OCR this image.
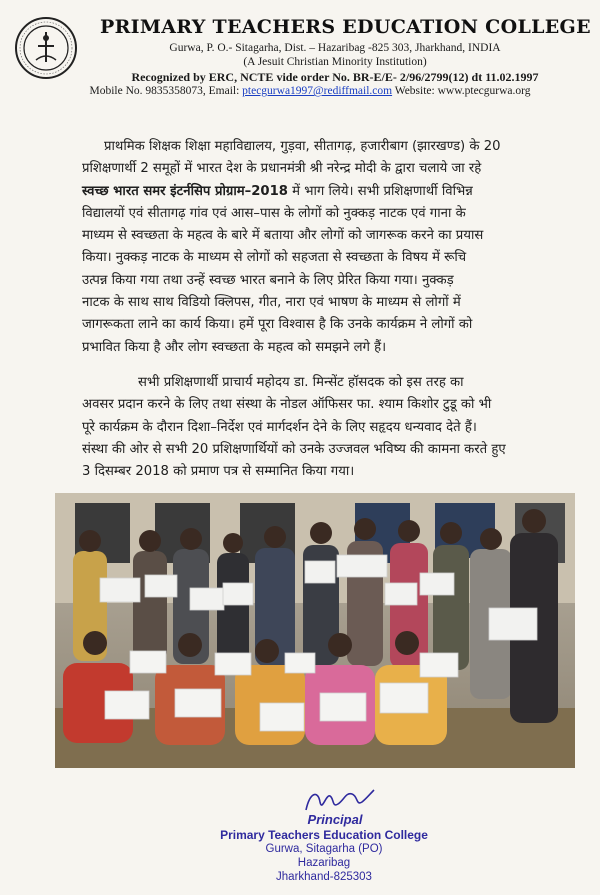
PRIMARY TEACHERS EDUCATION COLLEGE
Gurwa, P. O.- Sitagarha, Dist. – Hazaribag -825 303, Jharkhand, INDIA
(A Jesuit Christian Minority Institution)
Recognized by ERC, NCTE vide order No. BR-E/E- 2/96/2799(12) dt 11.02.1997
Mobile No. 9835358073, Email: ptecgurwa1997@rediffmail.com Website: www.ptecgurwa.org
प्राथमिक शिक्षक शिक्षा महाविद्यालय, गुड़वा, सीतागढ़, हजारीबाग (झारखण्ड) के 20
प्रशिक्षणार्थी 2 समूहों में भारत देश के प्रधानमंत्री श्री नरेन्द्र मोदी के द्वारा चलाये जा रहे
स्वच्छ भारत समर इंटर्नसिप प्रोग्राम–2018 में भाग लिये। सभी प्रशिक्षणार्थी विभिन्न
विद्यालयों एवं सीतागढ़ गांव एवं आस–पास के लोगों को नुक्कड़ नाटक एवं गाना के
माध्यम से स्वच्छता के महत्व के बारे में बताया और लोगों को जागरूक करने का प्रयास
किया। नुक्कड़ नाटक के माध्यम से लोगों को सहजता से स्वच्छता के विषय में रूचि
उत्पन्न किया गया तथा उन्हें स्वच्छ भारत बनाने के लिए प्रेरित किया गया। नुक्कड़
नाटक के साथ साथ विडियो क्लिपस, गीत, नारा एवं भाषण के माध्यम से लोगों में
जागरूकता लाने का कार्य किया। हमें पूरा विश्वास है कि उनके कार्यक्रम ने लोगों को
प्रभावित किया है और लोग स्वच्छता के महत्व को समझने लगे हैं।
सभी प्रशिक्षणार्थी प्राचार्य महोदय डा. मिन्सेंट हॉसदक को इस तरह का
अवसर प्रदान करने के लिए तथा संस्था के नोडल ऑफिसर फा. श्याम किशोर टुडू को भी
पूरे कार्यक्रम के दौरान दिशा–निर्देश एवं मार्गदर्शन देने के लिए सहृदय धन्यवाद देते हैं।
संस्था की ओर से सभी 20 प्रशिक्षणार्थियों को उनके उज्जवल भविष्य की कामना करते हुए
3 दिसम्बर 2018 को प्रमाण पत्र से सम्मानित किया गया।
Principal
Primary Teachers Education College
Gurwa, Sitagarha (PO)
Hazaribag
Jharkhand-825303
